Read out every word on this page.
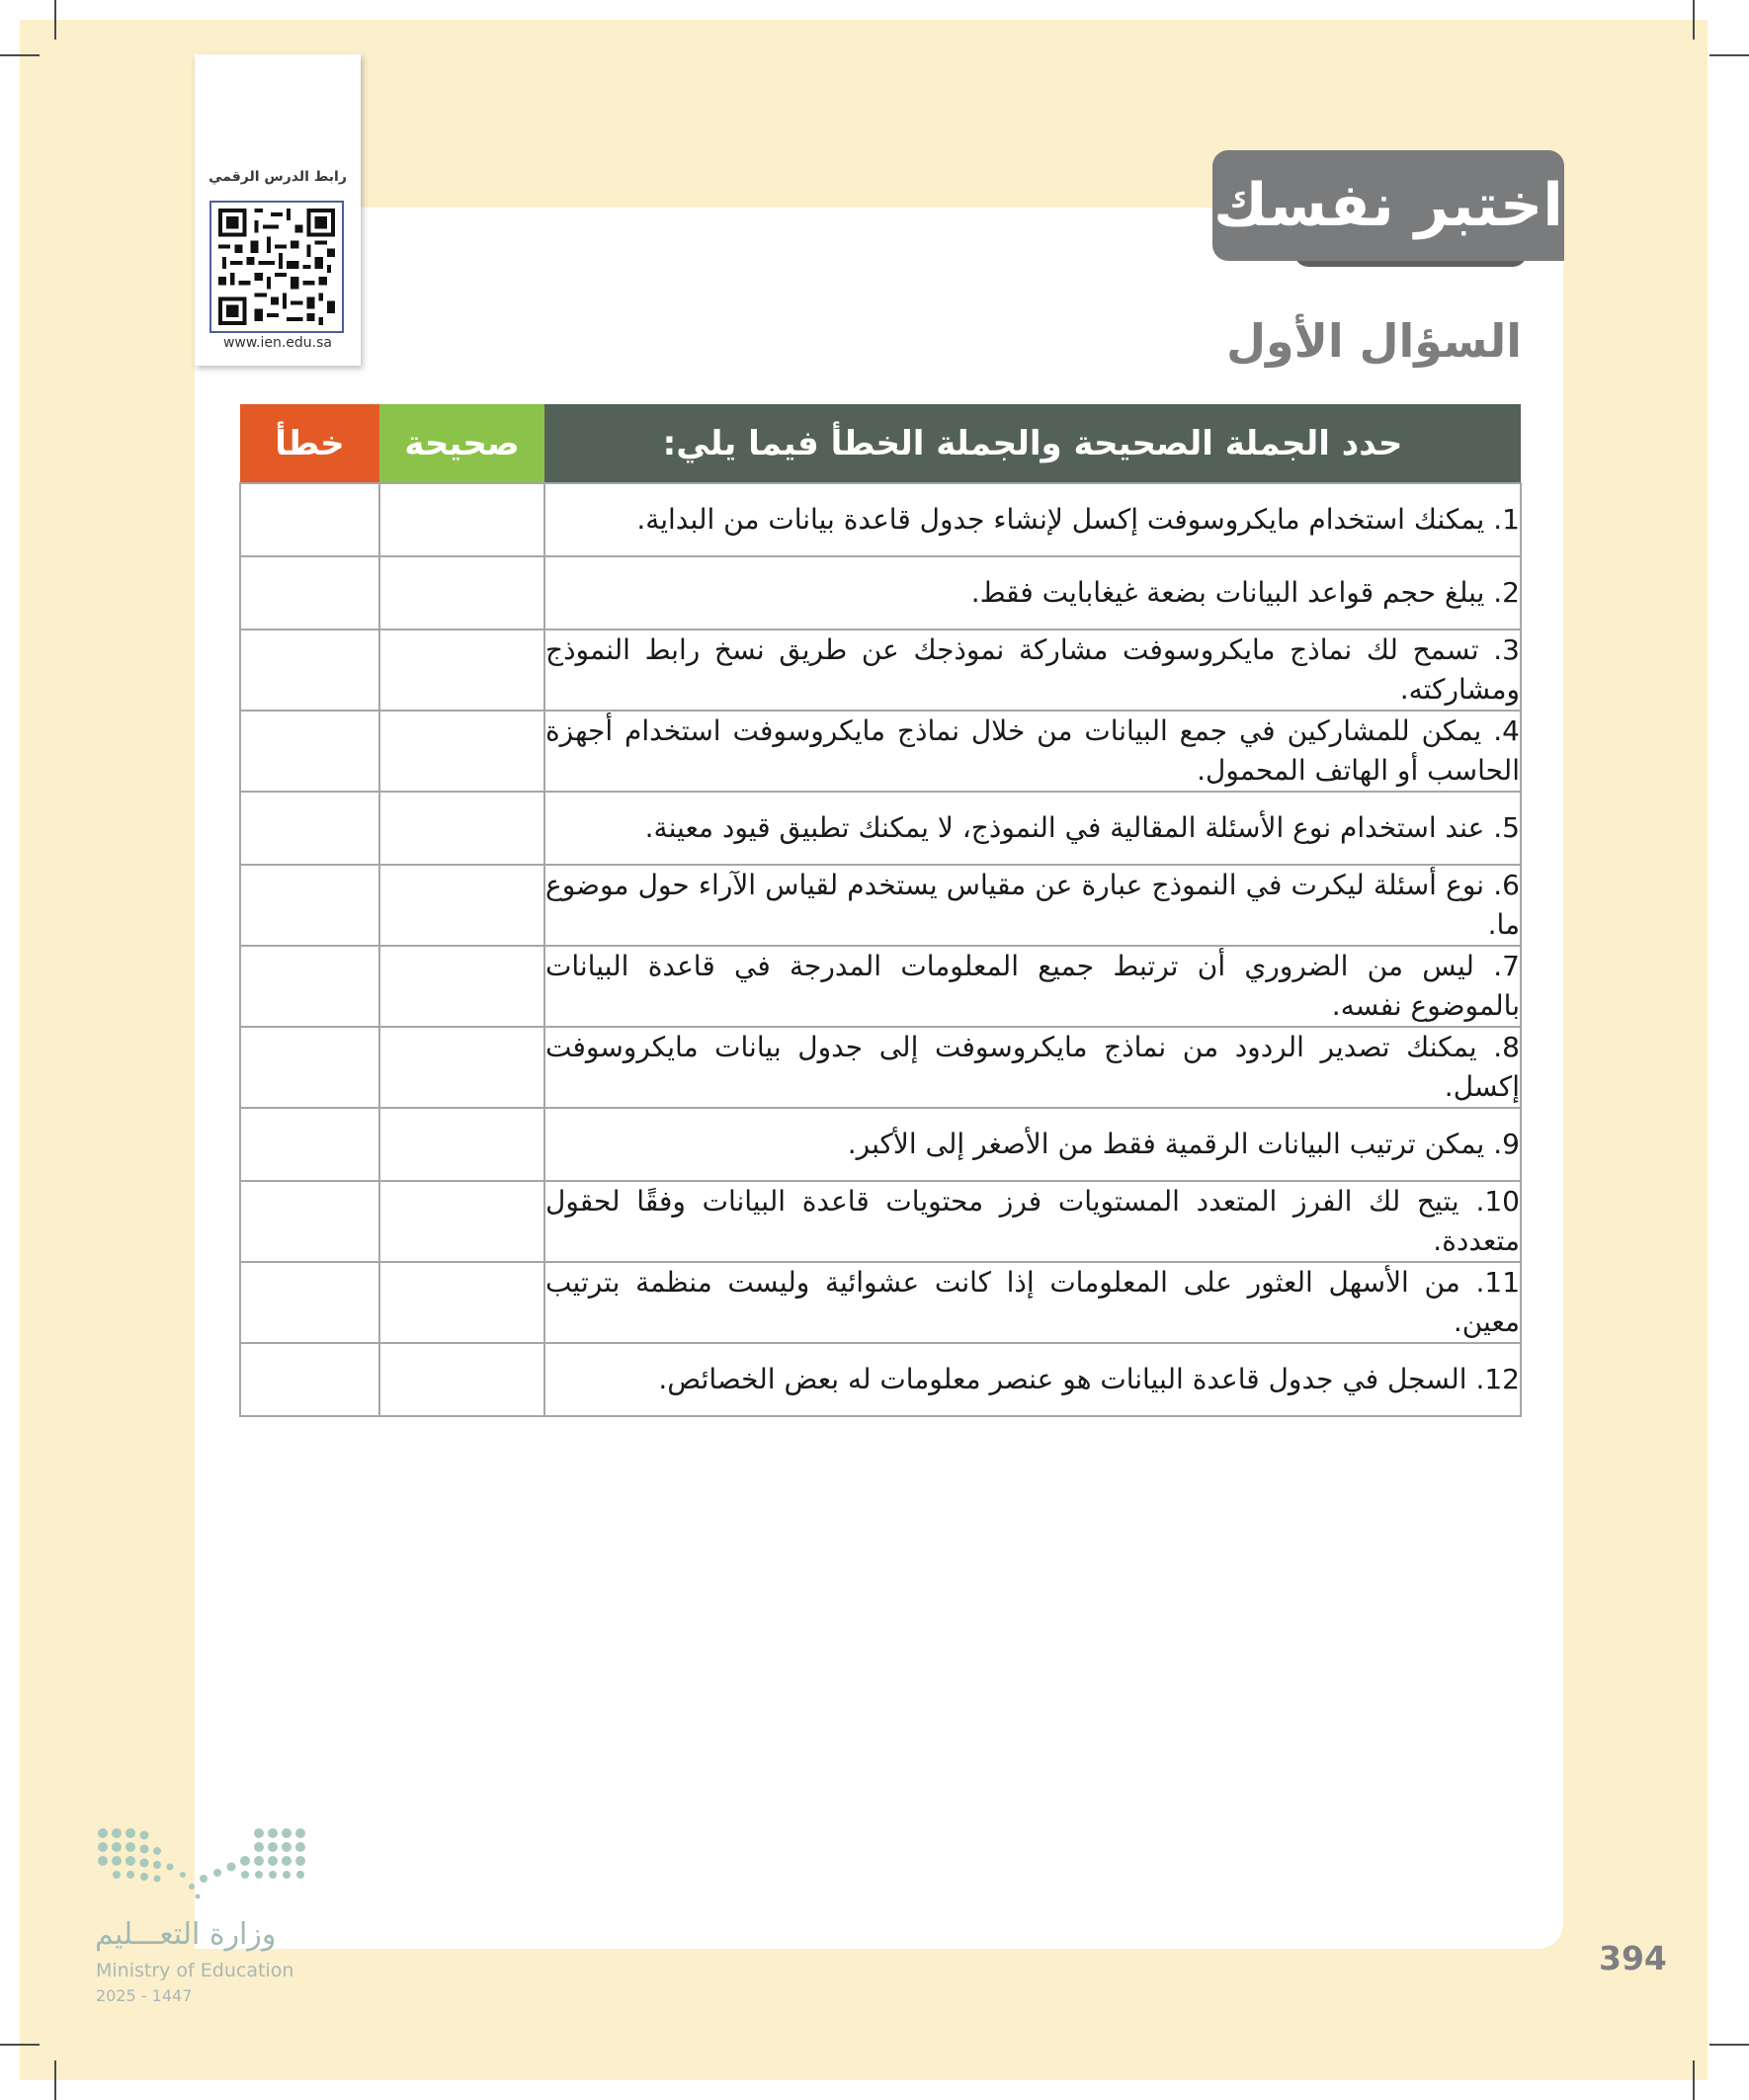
رابط الدرس الرقمي
www.ien.edu.sa
اختبر نفسك
السؤال الأول
حدد الجملة الصحيحة والجملة الخطأ فيما يلي:	صحيحة	خطأ
1. يمكنك استخدام مايكروسوفت إكسل لإنشاء جدول قاعدة بيانات من البداية.		
2. يبلغ حجم قواعد البيانات بضعة غيغابايت فقط.		
3. تسمح لك نماذج مايكروسوفت مشاركة نموذجك عن طريق نسخ رابط النموذج ومشاركته.		
4. يمكن للمشاركين في جمع البيانات من خلال نماذج مايكروسوفت استخدام أجهزة الحاسب أو الهاتف المحمول.		
5. عند استخدام نوع الأسئلة المقالية في النموذج، لا يمكنك تطبيق قيود معينة.		
6. نوع أسئلة ليكرت في النموذج عبارة عن مقياس يستخدم لقياس الآراء حول موضوع ما.		
7. ليس من الضروري أن ترتبط جميع المعلومات المدرجة في قاعدة البيانات بالموضوع نفسه.		
8. يمكنك تصدير الردود من نماذج مايكروسوفت إلى جدول بيانات مايكروسوفت إكسل.		
9. يمكن ترتيب البيانات الرقمية فقط من الأصغر إلى الأكبر.		
10. يتيح لك الفرز المتعدد المستويات فرز محتويات قاعدة البيانات وفقًا لحقول متعددة.		
11. من الأسهل العثور على المعلومات إذا كانت عشوائية وليست منظمة بترتيب معين.		
12. السجل في جدول قاعدة البيانات هو عنصر معلومات له بعض الخصائص.		
وزارة التعـــليم
Ministry of Education
2025 - 1447
394
